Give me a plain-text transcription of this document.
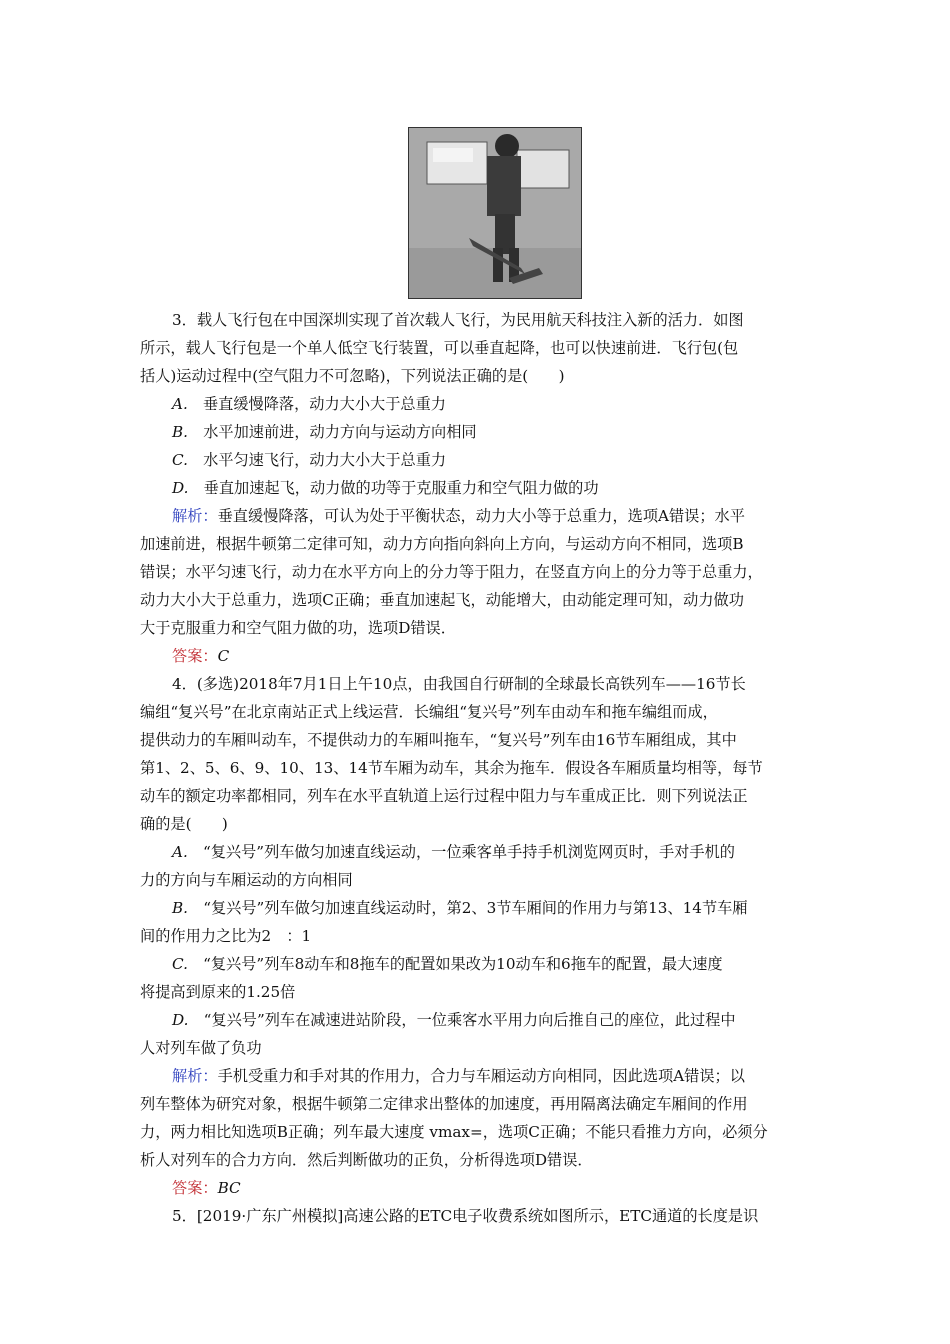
3．载人飞行包在中国深圳实现了首次载人飞行，为民用航天科技注入新的活力．如图
所示，载人飞行包是一个单人低空飞行装置，可以垂直起降，也可以快速前进．飞行包(包
括人)运动过程中(空气阻力不可忽略)，下列说法正确的是(　　)
A.　 垂直缓慢降落，动力大小大于总重力
B.　 水平加速前进，动力方向与运动方向相同
C.　 水平匀速飞行，动力大小大于总重力
D.　 垂直加速起飞，动力做的功等于克服重力和空气阻力做的功
解析：垂直缓慢降落，可认为处于平衡状态，动力大小等于总重力，选项A错误；水平
加速前进，根据牛顿第二定律可知，动力方向指向斜向上方向，与运动方向不相同，选项B
错误；水平匀速飞行，动力在水平方向上的分力等于阻力，在竖直方向上的分力等于总重力，
动力大小大于总重力，选项C正确；垂直加速起飞，动能增大，由动能定理可知，动力做功
大于克服重力和空气阻力做的功，选项D错误．
答案：C
4．(多选)2018年7月1日上午10点，由我国自行研制的全球最长高铁列车——16节长
编组“复兴号”在北京南站正式上线运营．长编组“复兴号”列车由动车和拖车编组而成，
提供动力的车厢叫动车，不提供动力的车厢叫拖车，“复兴号”列车由16节车厢组成，其中
第1、2、5、6、9、10、13、14节车厢为动车，其余为拖车．假设各车厢质量均相等，每节
动车的额定功率都相同，列车在水平直轨道上运行过程中阻力与车重成正比．则下列说法正
确的是(　　)
A.　 “复兴号”列车做匀加速直线运动，一位乘客单手持手机浏览网页时，手对手机的
力的方向与车厢运动的方向相同
B.　 “复兴号”列车做匀加速直线运动时，第2、3节车厢间的作用力与第13、14节车厢
间的作用力之比为2　：1
C.　 “复兴号”列车8动车和8拖车的配置如果改为10动车和6拖车的配置，最大速度
将提高到原来的1.25倍
D.　 “复兴号”列车在减速进站阶段，一位乘客水平用力向后推自己的座位，此过程中
人对列车做了负功
解析：手机受重力和手对其的作用力，合力与车厢运动方向相同，因此选项A错误；以
列车整体为研究对象，根据牛顿第二定律求出整体的加速度，再用隔离法确定车厢间的作用
力，两力相比知选项B正确；列车最大速度 vmax=，选项C正确；不能只看推力方向，必须分
析人对列车的合力方向．然后判断做功的正负，分析得选项D错误．
答案：BC
5．[2019·广东广州模拟]高速公路的ETC电子收费系统如图所示，ETC通道的长度是识
